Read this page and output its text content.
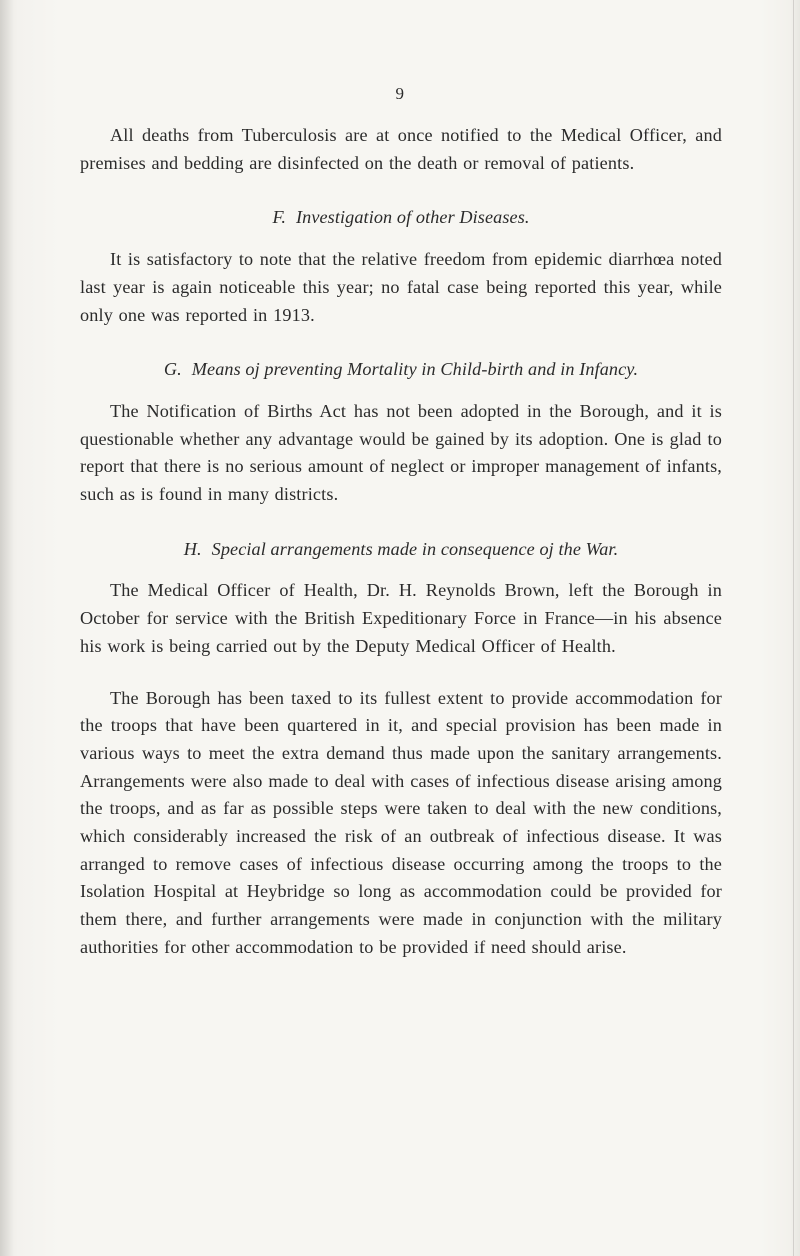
9

All deaths from Tuberculosis are at once notified to the Medical Officer, and premises and bedding are disinfected on the death or removal of patients.

F. Investigation of other Diseases.

It is satisfactory to note that the relative freedom from epidemic diarrhœa noted last year is again noticeable this year; no fatal case being reported this year, while only one was reported in 1913.

G. Means oj preventing Mortality in Child-birth and in Infancy.

The Notification of Births Act has not been adopted in the Borough, and it is questionable whether any advantage would be gained by its adoption. One is glad to report that there is no serious amount of neglect or improper management of infants, such as is found in many districts.

H. Special arrangements made in consequence oj the War.

The Medical Officer of Health, Dr. H. Reynolds Brown, left the Borough in October for service with the British Expeditionary Force in France—in his absence his work is being carried out by the Deputy Medical Officer of Health.

The Borough has been taxed to its fullest extent to provide accommodation for the troops that have been quartered in it, and special provision has been made in various ways to meet the extra demand thus made upon the sanitary arrangements. Arrangements were also made to deal with cases of infectious disease arising among the troops, and as far as possible steps were taken to deal with the new conditions, which considerably increased the risk of an outbreak of infectious disease. It was arranged to remove cases of infectious disease occurring among the troops to the Isolation Hospital at Heybridge so long as accommodation could be provided for them there, and further arrangements were made in conjunction with the military authorities for other accommodation to be provided if need should arise.
